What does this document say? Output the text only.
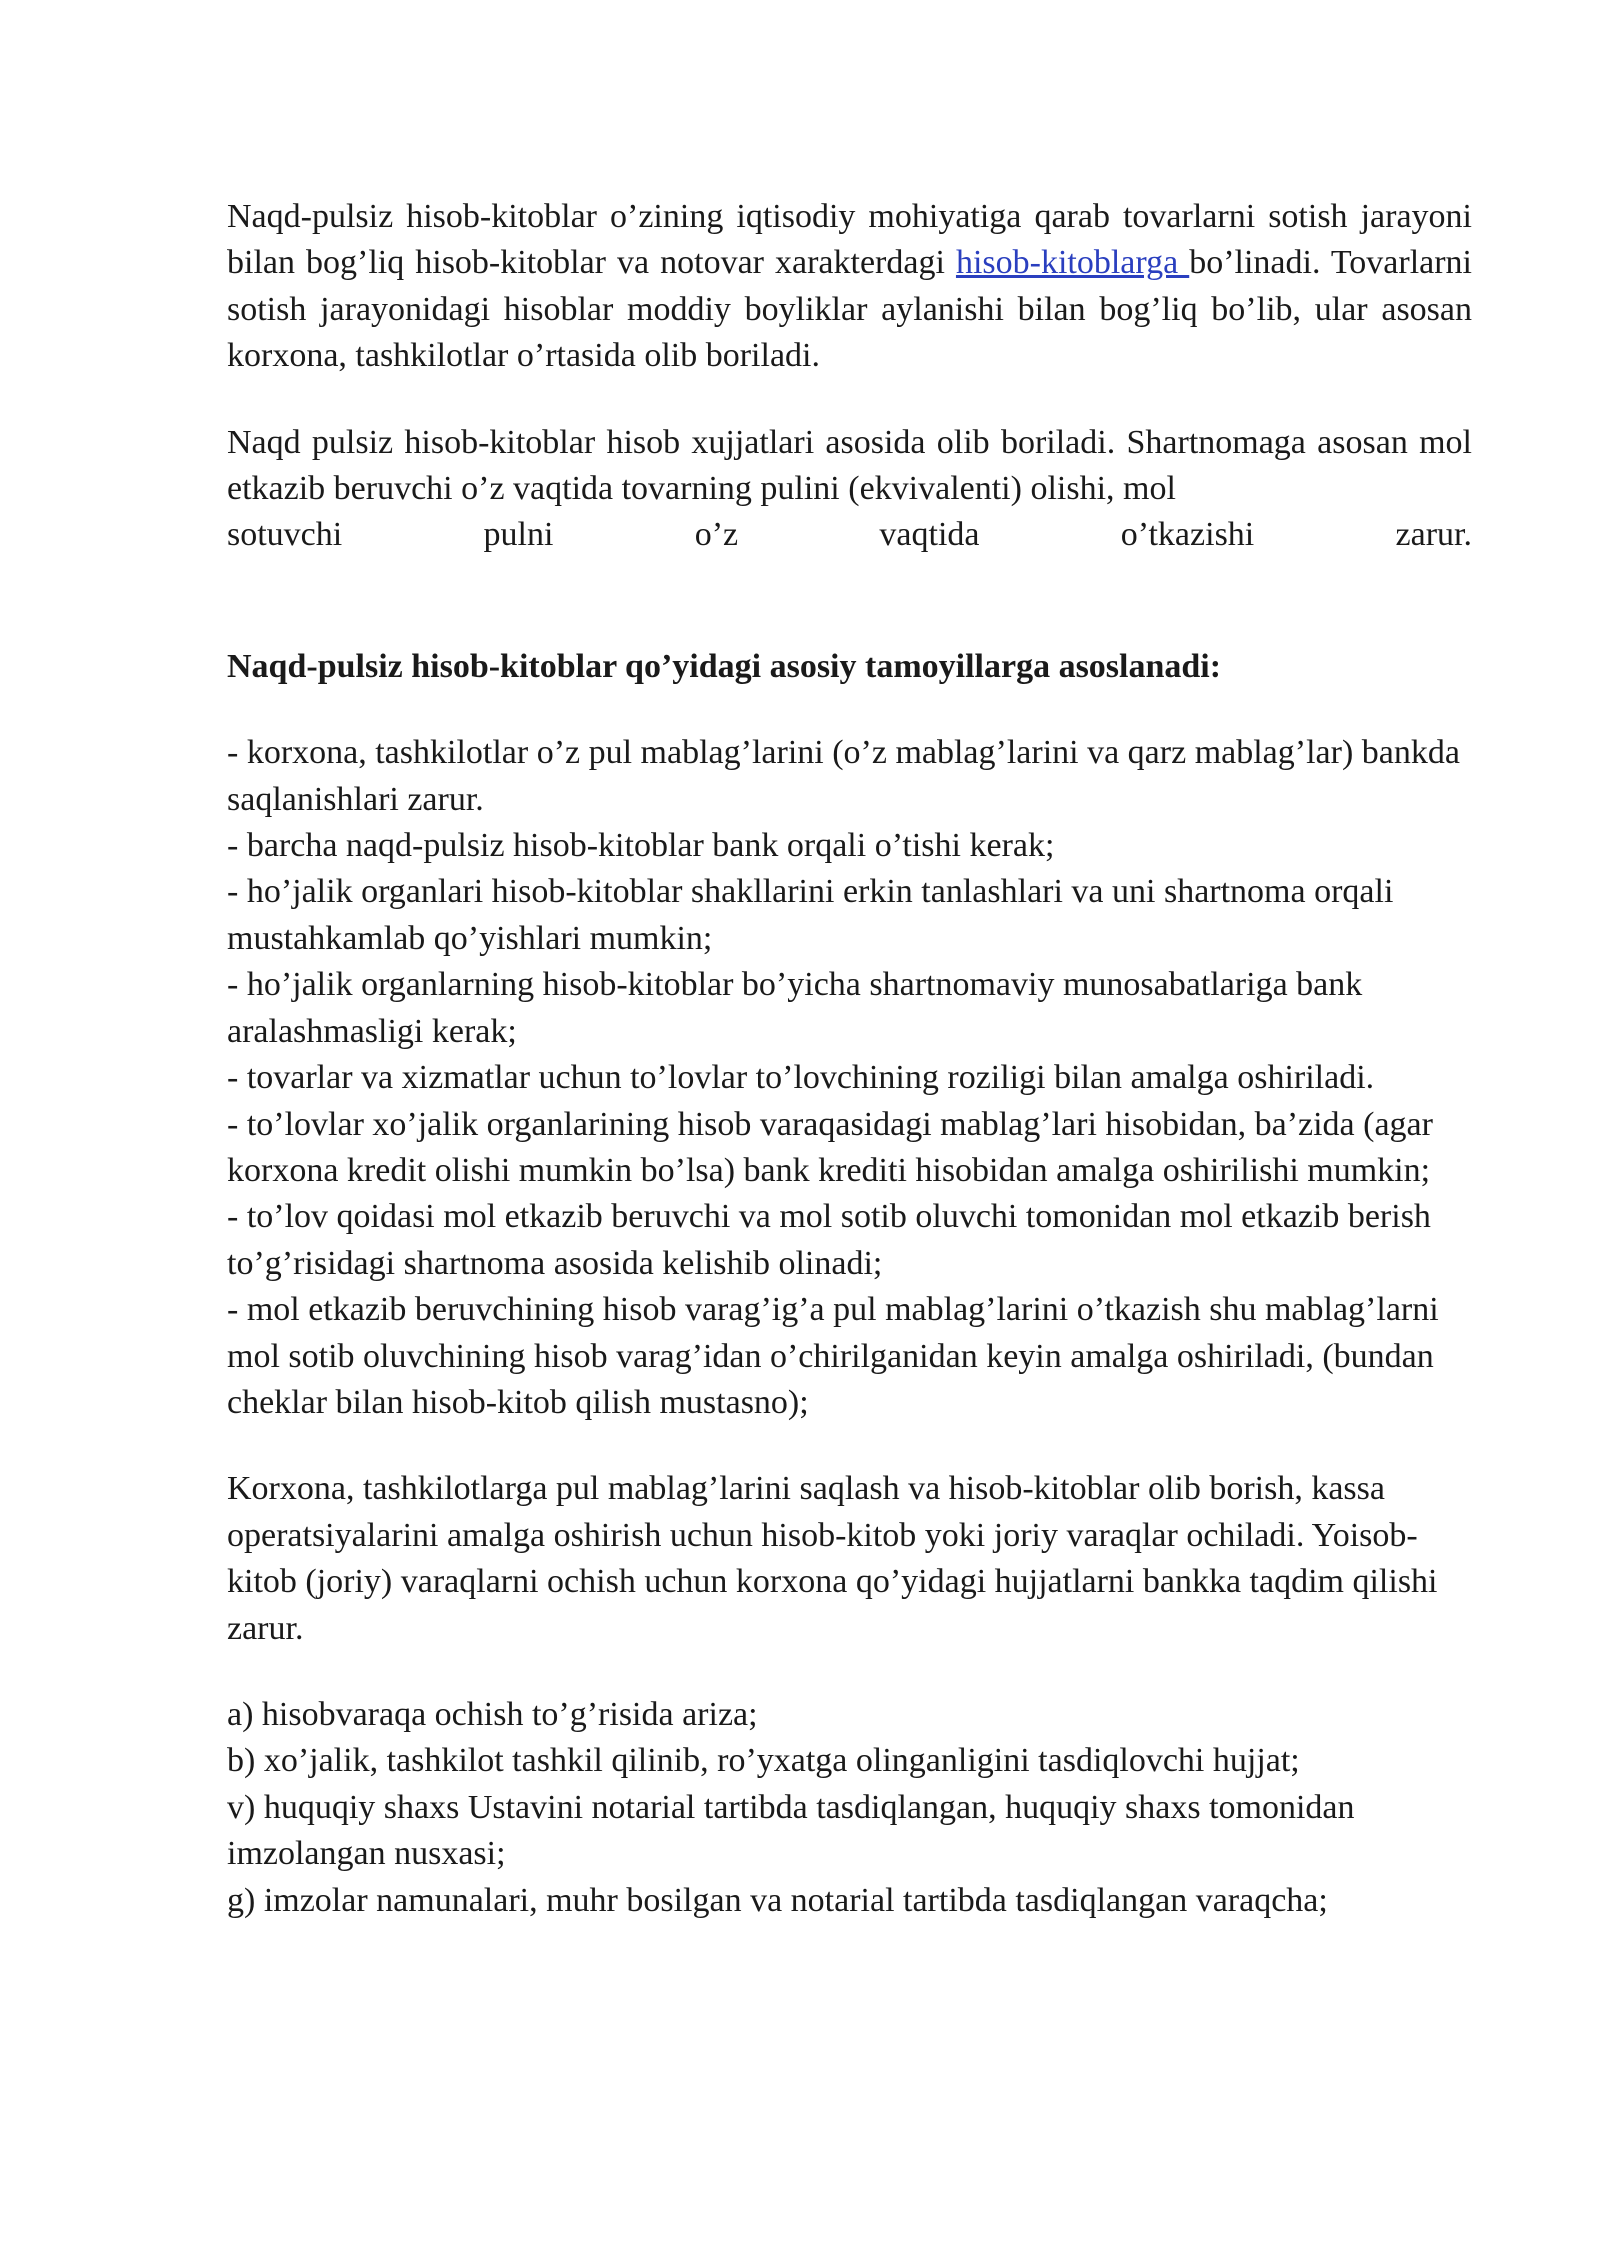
Naqd-pulsiz hisob-kitoblar o’zining iqtisodiy mohiyatiga qarab tovarlarni sotish jarayoni bilan bog’liq hisob-kitoblar va notovar xarakterdagi hisob-kitoblarga bo’linadi. Tovarlarni sotish jarayonidagi hisoblar moddiy boyliklar aylanishi bilan bog’liq bo’lib, ular asosan korxona, tashkilotlar o’rtasida olib boriladi.

Naqd pulsiz hisob-kitoblar hisob xujjatlari asosida olib boriladi. Shartnomaga asosan mol etkazib beruvchi o’z vaqtida tovarning pulini (ekvivalenti) olishi, mol

sotuvchi pulni o’z vaqtida o’tkazishi zarur.

Naqd-pulsiz hisob-kitoblar qo’yidagi asosiy tamoyillarga asoslanadi:

- korxona, tashkilotlar o’z pul mablag’larini (o’z mablag’larini va qarz mablag’lar) bankda saqlanishlari zarur.

- barcha naqd-pulsiz hisob-kitoblar bank orqali o’tishi kerak;

- ho’jalik organlari hisob-kitoblar shakllarini erkin tanlashlari va uni shartnoma orqali mustahkamlab qo’yishlari mumkin;

- ho’jalik organlarning hisob-kitoblar bo’yicha shartnomaviy munosabatlariga bank aralashmasligi kerak;

- tovarlar va xizmatlar uchun to’lovlar to’lovchining roziligi bilan amalga oshiriladi.

- to’lovlar xo’jalik organlarining hisob varaqasidagi mablag’lari hisobidan, ba’zida (agar korxona kredit olishi mumkin bo’lsa) bank krediti hisobidan amalga oshirilishi mumkin;

- to’lov qoidasi mol etkazib beruvchi va mol sotib oluvchi tomonidan mol etkazib berish to’g’risidagi shartnoma asosida kelishib olinadi;

- mol etkazib beruvchining hisob varag’ig’a pul mablag’larini o’tkazish shu mablag’larni mol sotib oluvchining hisob varag’idan o’chirilganidan keyin amalga oshiriladi, (bundan cheklar bilan hisob-kitob qilish mustasno);

Korxona, tashkilotlarga pul mablag’larini saqlash va hisob-kitoblar olib borish, kassa operatsiyalarini amalga oshirish uchun hisob-kitob yoki joriy varaqlar ochiladi. Yoisob-kitob (joriy) varaqlarni ochish uchun korxona qo’yidagi hujjatlarni bankka taqdim qilishi zarur.

a) hisobvaraqa ochish to’g’risida ariza;

b) xo’jalik, tashkilot tashkil qilinib, ro’yxatga olinganligini tasdiqlovchi hujjat;

v) huquqiy shaxs Ustavini notarial tartibda tasdiqlangan, huquqiy shaxs tomonidan imzolangan nusxasi;

g) imzolar namunalari, muhr bosilgan va notarial tartibda tasdiqlangan varaqcha;
